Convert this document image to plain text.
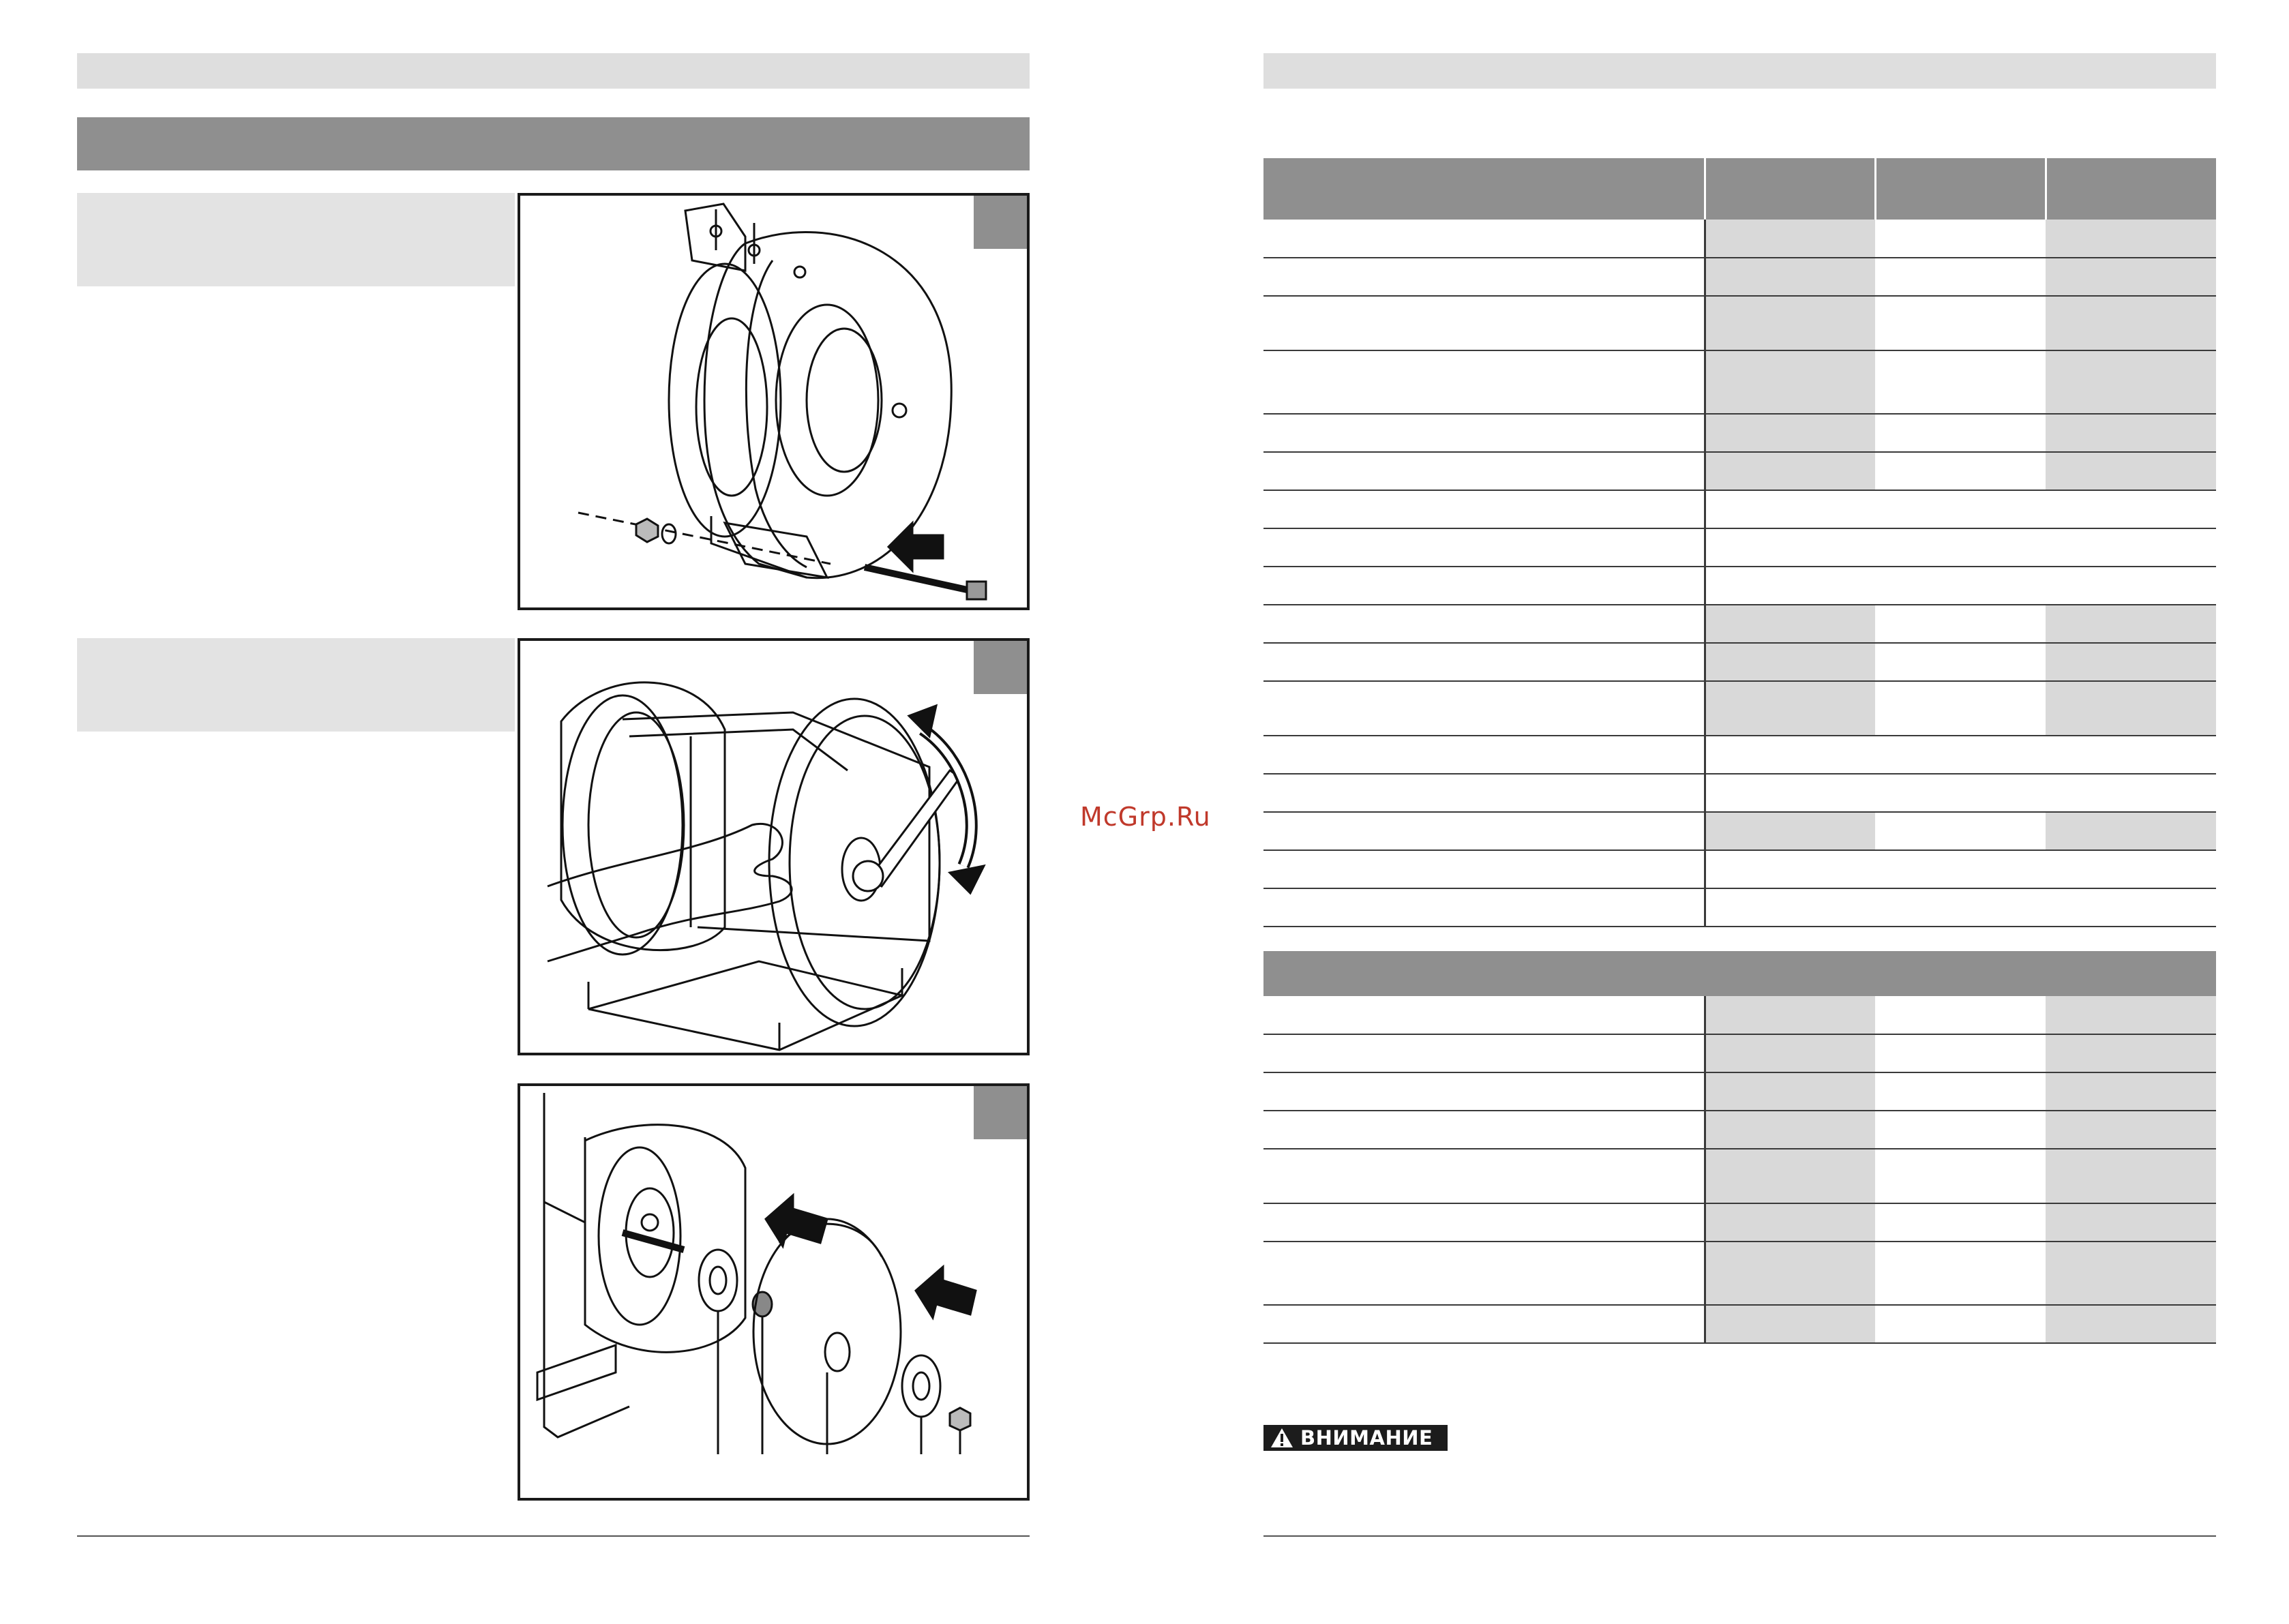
McGrp.Ru

ВНИМАНИЕ
